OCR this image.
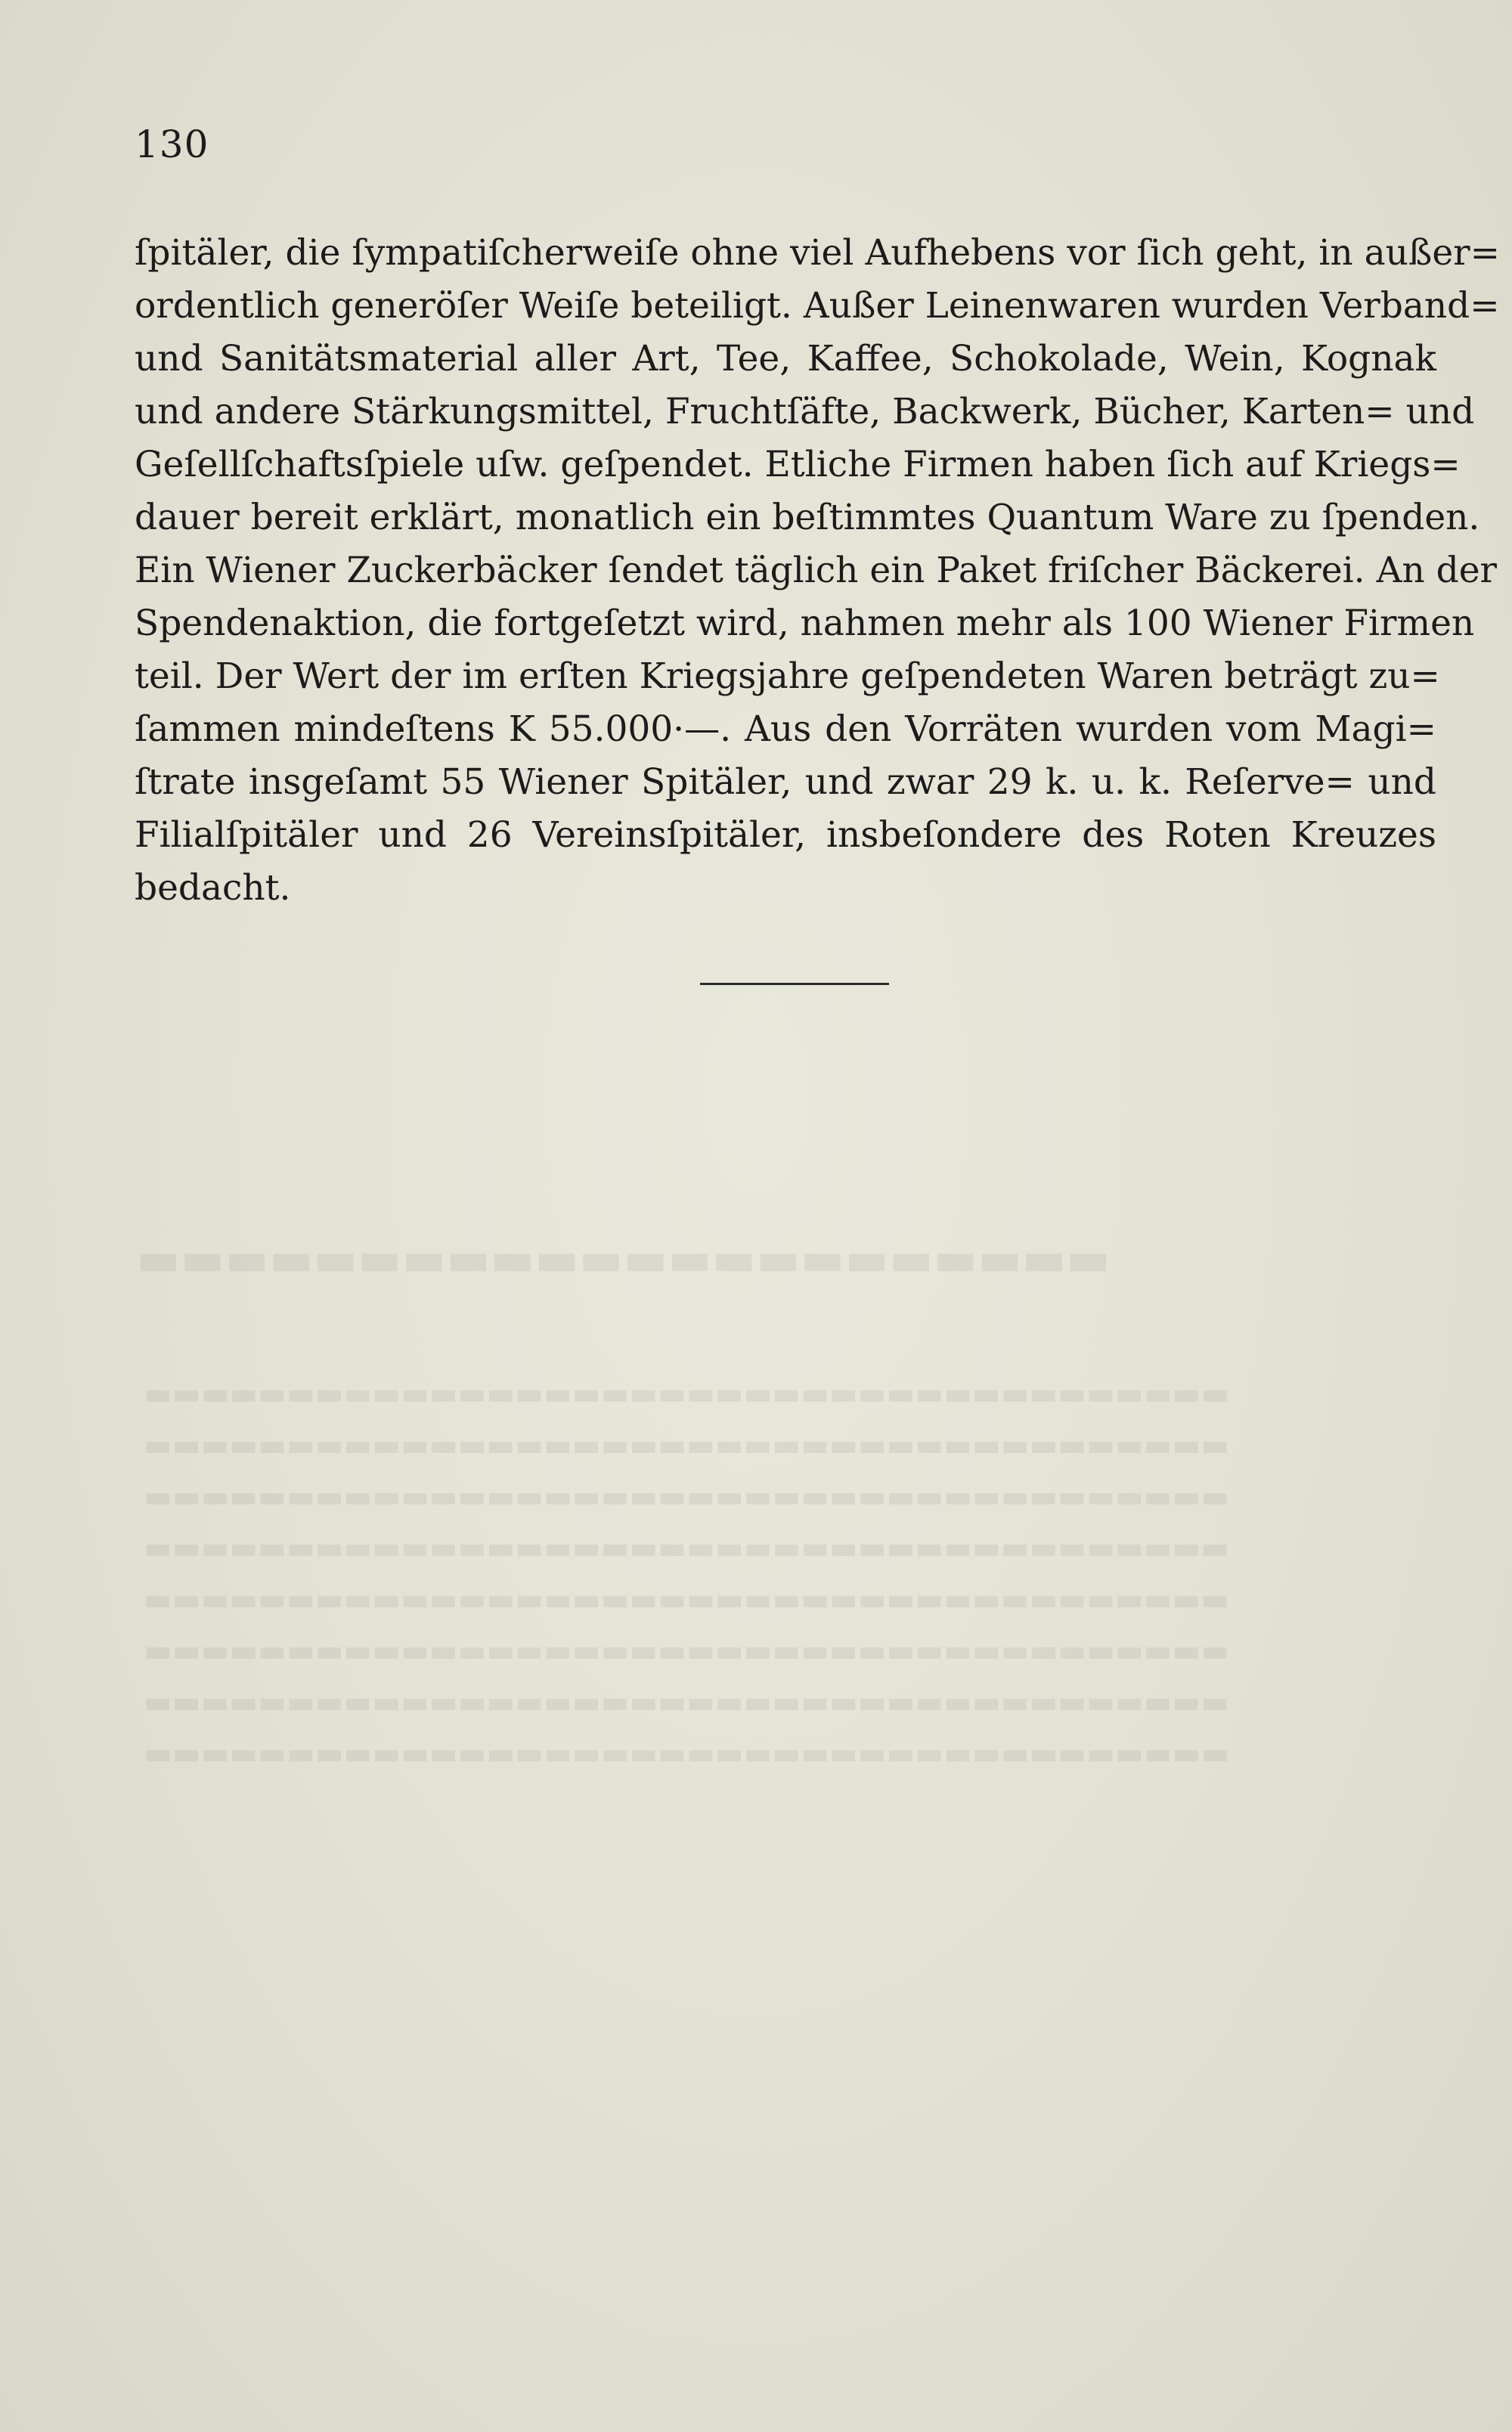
▬▬▬▬▬▬▬▬▬▬▬▬▬▬▬▬▬▬▬▬▬▬
▬▬▬▬▬▬▬▬▬▬▬▬▬▬▬▬▬▬▬▬▬▬▬▬▬▬▬▬▬▬▬▬▬▬▬▬▬▬
▬▬▬▬▬▬▬▬▬▬▬▬▬▬▬▬▬▬▬▬▬▬▬▬▬▬▬▬▬▬▬▬▬▬▬▬▬▬
▬▬▬▬▬▬▬▬▬▬▬▬▬▬▬▬▬▬▬▬▬▬▬▬▬▬▬▬▬▬▬▬▬▬▬▬▬▬
▬▬▬▬▬▬▬▬▬▬▬▬▬▬▬▬▬▬▬▬▬▬▬▬▬▬▬▬▬▬▬▬▬▬▬▬▬▬
▬▬▬▬▬▬▬▬▬▬▬▬▬▬▬▬▬▬▬▬▬▬▬▬▬▬▬▬▬▬▬▬▬▬▬▬▬▬
▬▬▬▬▬▬▬▬▬▬▬▬▬▬▬▬▬▬▬▬▬▬▬▬▬▬▬▬▬▬▬▬▬▬▬▬▬▬
▬▬▬▬▬▬▬▬▬▬▬▬▬▬▬▬▬▬▬▬▬▬▬▬▬▬▬▬▬▬▬▬▬▬▬▬▬▬
▬▬▬▬▬▬▬▬▬▬▬▬▬▬▬▬▬▬▬▬▬▬▬▬▬▬▬▬▬▬▬▬▬▬▬▬▬▬
130
ſpitäler, die ſympatiſcherweiſe ohne viel Aufhebens vor ſich geht, in außer=
ordentlich generöſer Weiſe beteiligt. Außer Leinenwaren wurden Verband=
und Sanitätsmaterial aller Art, Tee, Kaffee, Schokolade, Wein, Kognak
und andere Stärkungsmittel, Fruchtſäfte, Backwerk, Bücher, Karten= und
Geſellſchaftsſpiele uſw. geſpendet. Etliche Firmen haben ſich auf Kriegs=
dauer bereit erklärt, monatlich ein beſtimmtes Quantum Ware zu ſpenden.
Ein Wiener Zuckerbäcker ſendet täglich ein Paket friſcher Bäckerei. An der
Spendenaktion, die fortgeſetzt wird, nahmen mehr als 100 Wiener Firmen
teil. Der Wert der im erſten Kriegsjahre geſpendeten Waren beträgt zu=
ſammen mindeſtens K 55.000·—. Aus den Vorräten wurden vom Magi=
ſtrate insgeſamt 55 Wiener Spitäler, und zwar 29 k. u. k. Reſerve= und
Filialſpitäler und 26 Vereinsſpitäler, insbeſondere des Roten Kreuzes
bedacht.
